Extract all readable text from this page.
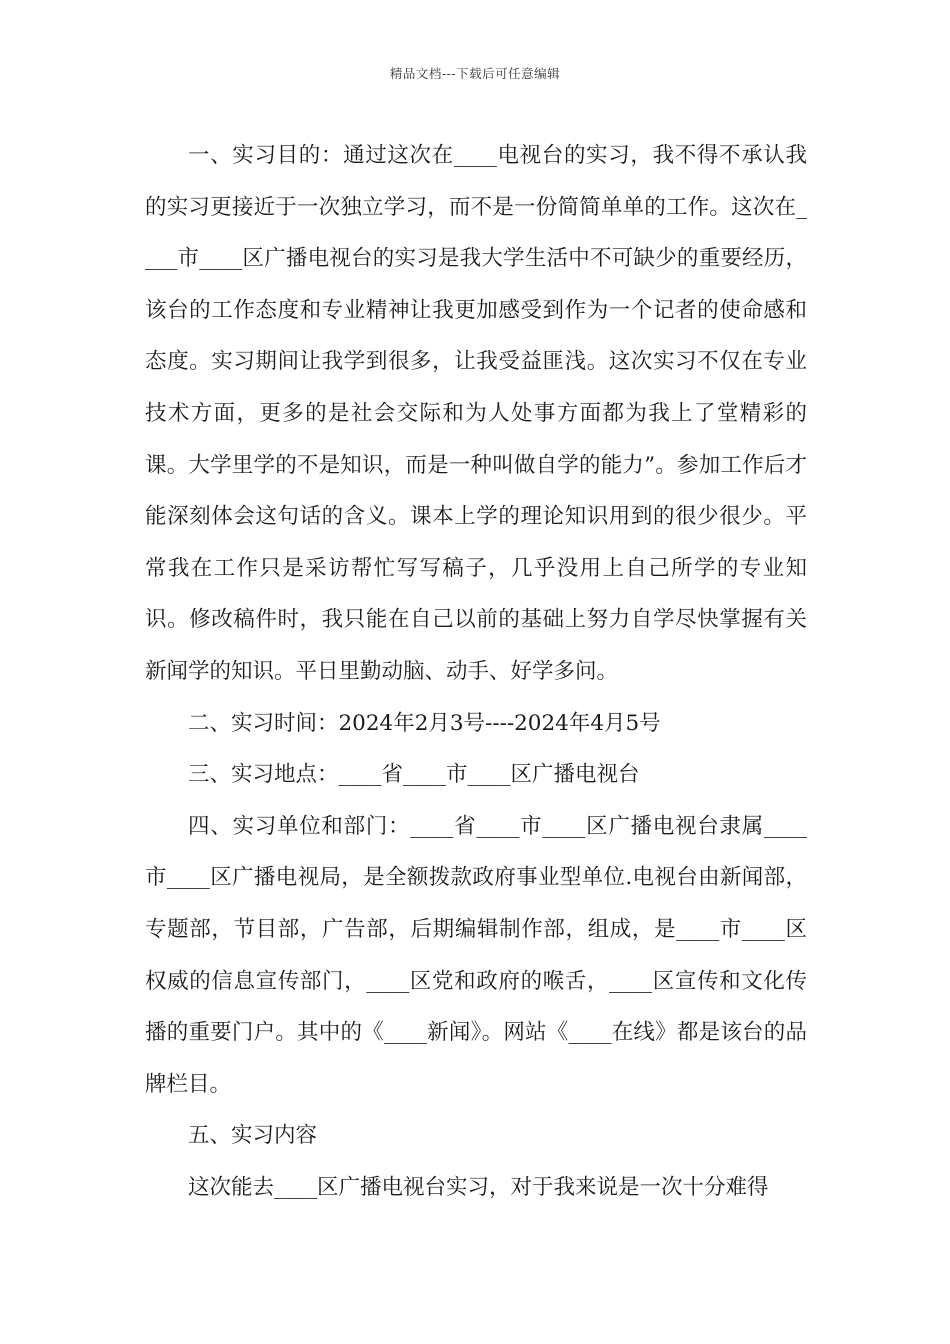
精品文档---下载后可任意编辑

一、实习目的：通过这次在____电视台的实习，我不得不承认我的实习更接近于一次独立学习，而不是一份简简单单的工作。这次在____市____区广播电视台的实习是我大学生活中不可缺少的重要经历，该台的工作态度和专业精神让我更加感受到作为一个记者的使命感和态度。实习期间让我学到很多，让我受益匪浅。这次实习不仅在专业技术方面，更多的是社会交际和为人处事方面都为我上了堂精彩的课。大学里学的不是知识，而是一种叫做自学的能力”。参加工作后才能深刻体会这句话的含义。课本上学的理论知识用到的很少很少。平常我在工作只是采访帮忙写写稿子，几乎没用上自己所学的专业知识。修改稿件时，我只能在自己以前的基础上努力自学尽快掌握有关新闻学的知识。平日里勤动脑、动手、好学多问。

二、实习时间：2024年2月3号----2024年4月5号

三、实习地点：____省____市____区广播电视台

四、实习单位和部门：____省____市____区广播电视台隶属____市____区广播电视局，是全额拨款政府事业型单位.电视台由新闻部，专题部，节目部，广告部，后期编辑制作部，组成，是____市____区权威的信息宣传部门，____区党和政府的喉舌，____区宣传和文化传播的重要门户。其中的《____新闻》。网站《____在线》都是该台的品牌栏目。

五、实习内容

这次能去____区广播电视台实习，对于我来说是一次十分难得
